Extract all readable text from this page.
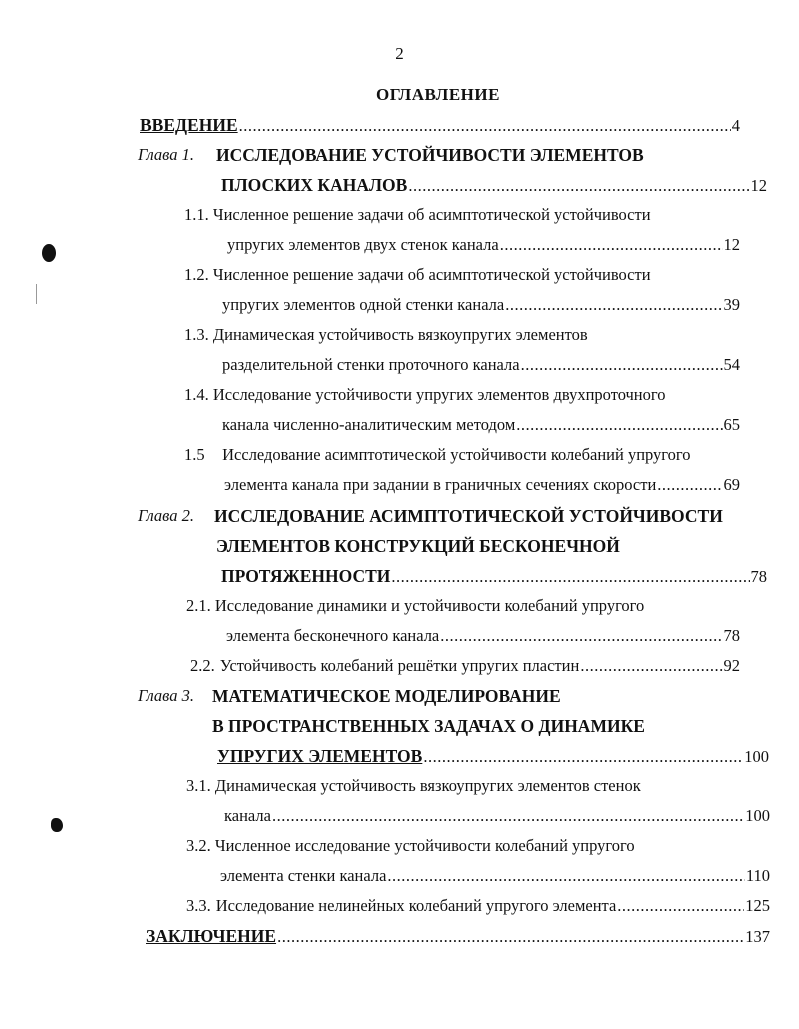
2
ОГЛАВЛЕНИЕ
ВВЕДЕНИЕ .....	4
Глава 1. ИССЛЕДОВАНИЕ УСТОЙЧИВОСТИ ЭЛЕМЕНТОВ
ПЛОСКИХ КАНАЛОВ .....	12
1.1. Численное решение задачи об асимптотической устойчивости
упругих элементов двух стенок канала .....	12
1.2. Численное решение задачи об асимптотической устойчивости
упругих элементов одной стенки канала .....	39
1.3. Динамическая устойчивость вязкоупругих элементов
разделительной стенки проточного канала .....	54
1.4. Исследование устойчивости упругих элементов двухпроточного
канала численно-аналитическим методом .....	65
1.5 Исследование асимптотической устойчивости колебаний упругого
элемента канала при задании в граничных сечениях скорости .....	69
Глава 2. ИССЛЕДОВАНИЕ АСИМПТОТИЧЕСКОЙ УСТОЙЧИВОСТИ
ЭЛЕМЕНТОВ КОНСТРУКЦИЙ БЕСКОНЕЧНОЙ
ПРОТЯЖЕННОСТИ .....	78
2.1. Исследование динамики и устойчивости колебаний упругого
элемента бесконечного канала .....	78
2.2. Устойчивость колебаний решётки упругих пластин .....	92
Глава 3. МАТЕМАТИЧЕСКОЕ МОДЕЛИРОВАНИЕ
В ПРОСТРАНСТВЕННЫХ ЗАДАЧАХ О ДИНАМИКЕ
УПРУГИХ ЭЛЕМЕНТОВ .....	100
3.1. Динамическая устойчивость вязкоупругих элементов стенок
канала .....	100
3.2. Численное исследование устойчивости колебаний упругого
элемента стенки канала .....	110
3.3. Исследование нелинейных колебаний упругого элемента .....	125
ЗАКЛЮЧЕНИЕ .....	137
